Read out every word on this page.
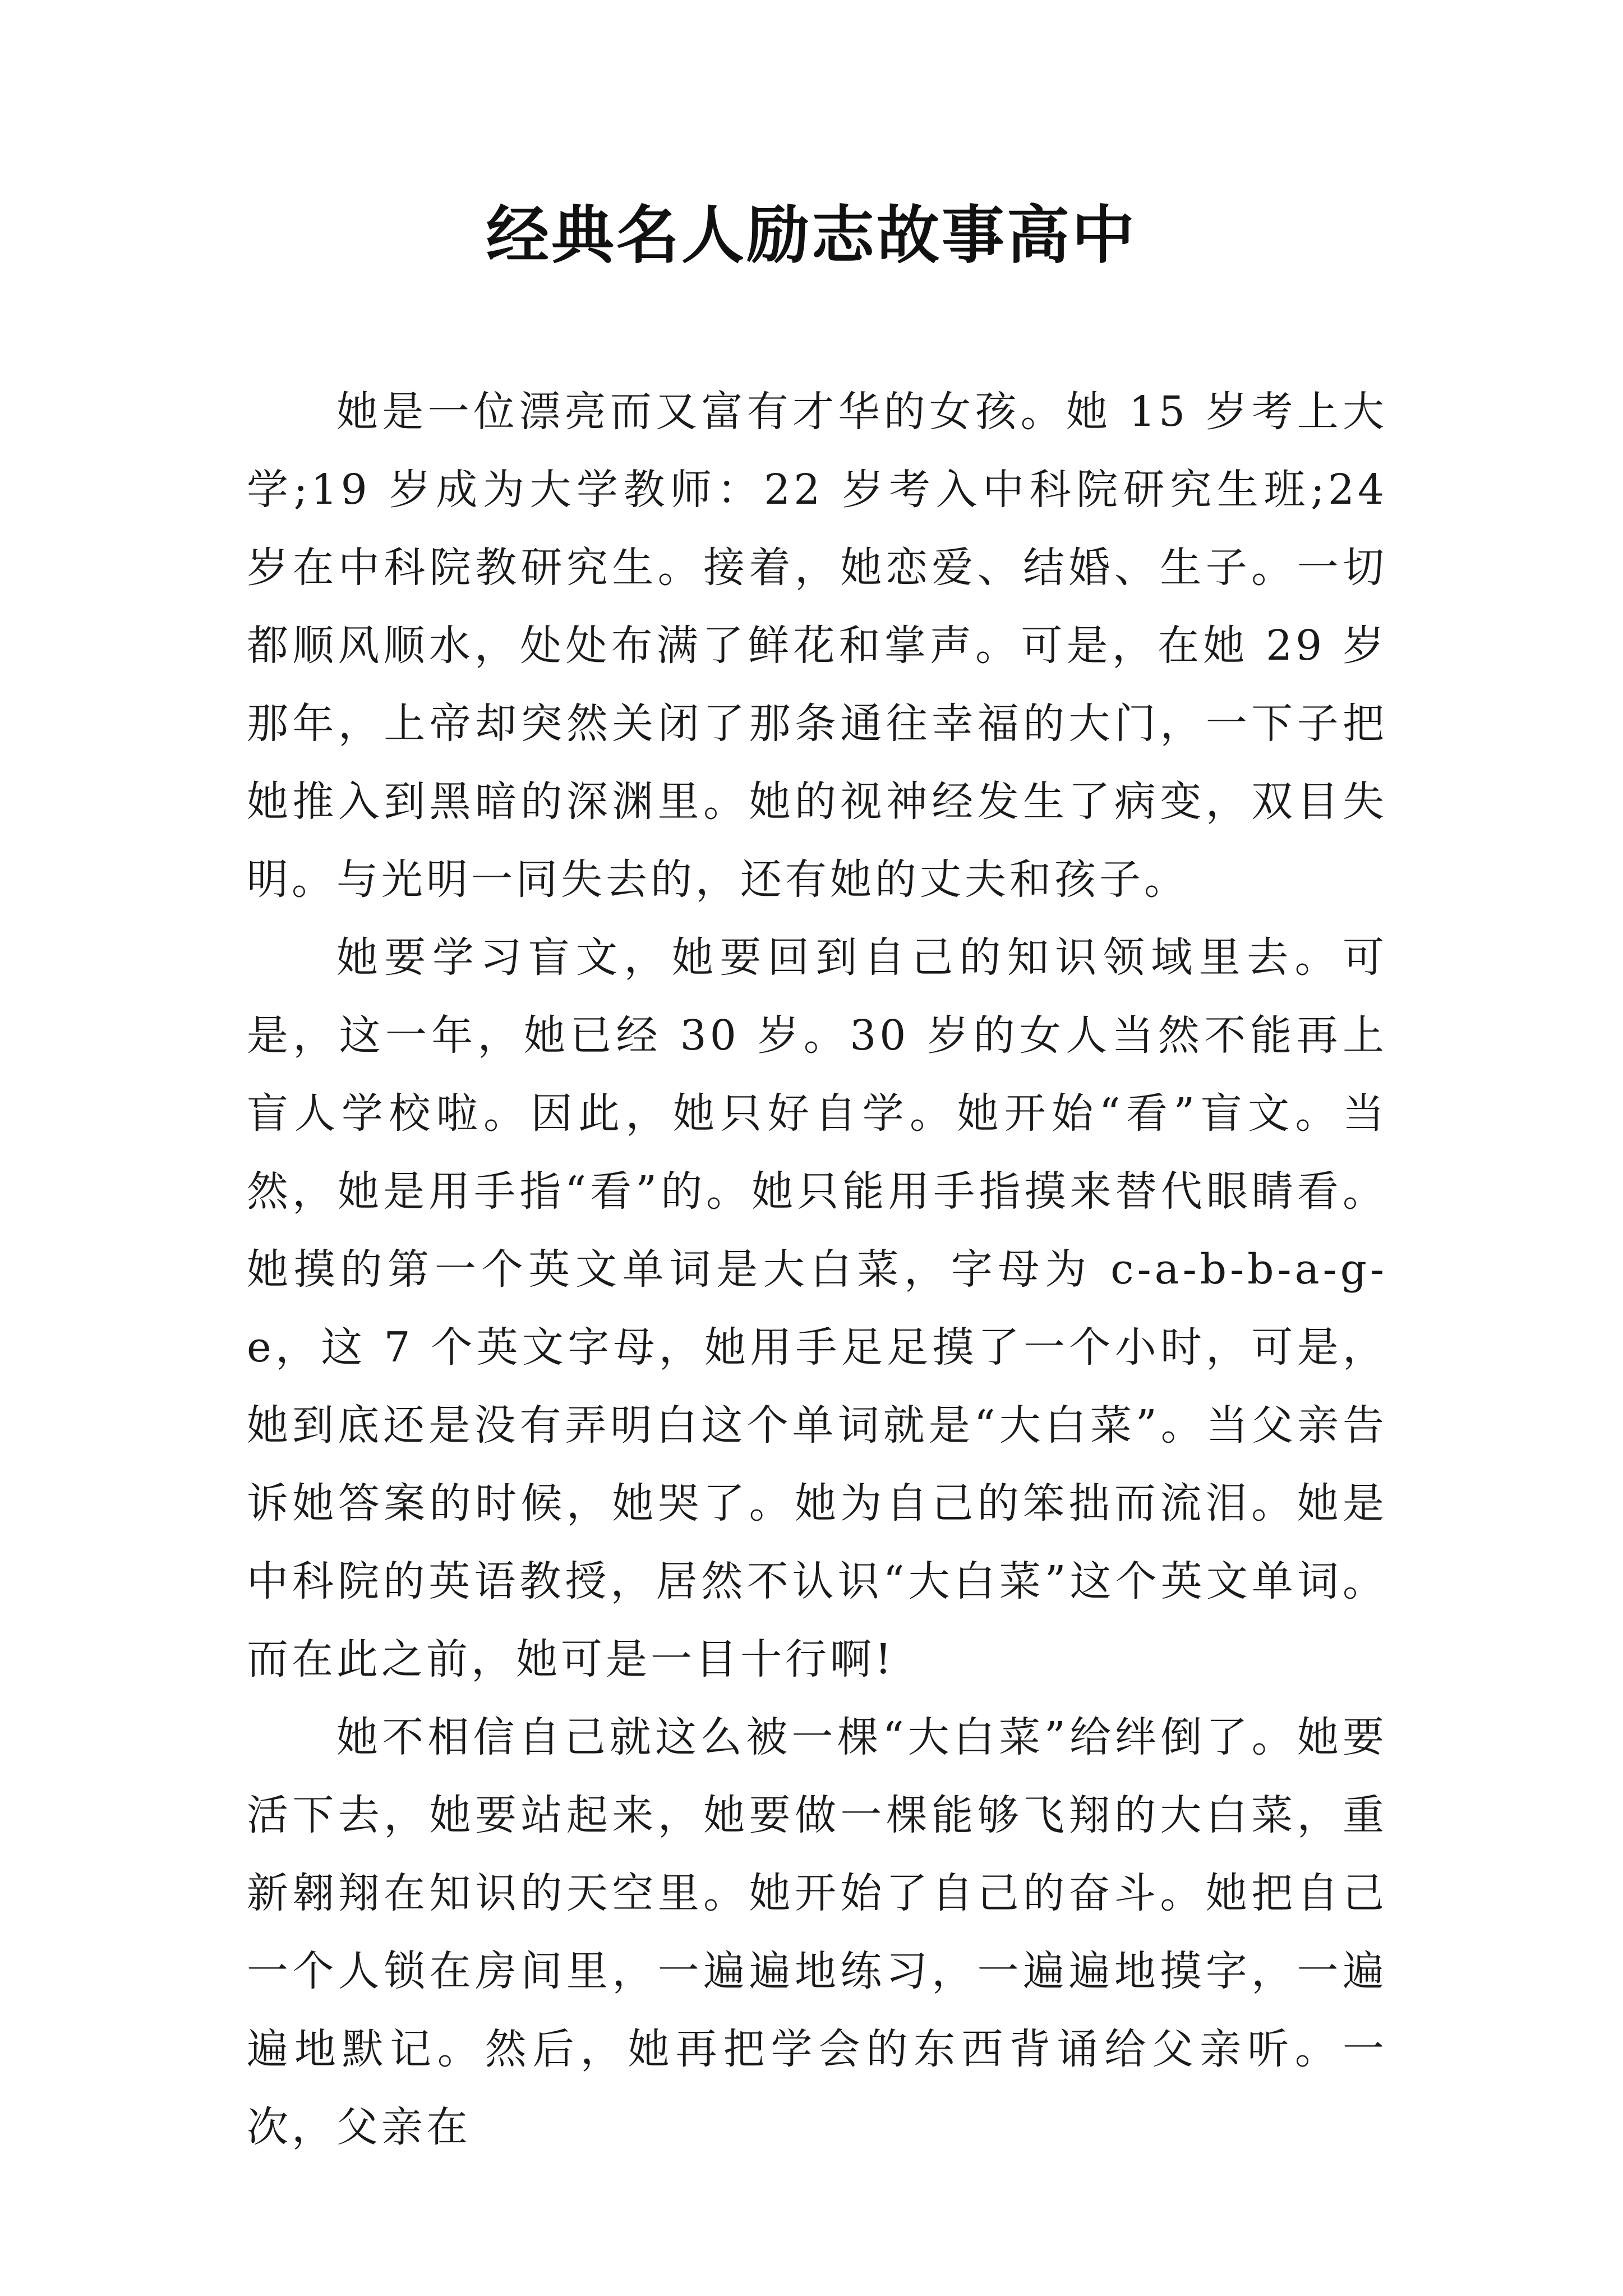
经典名人励志故事高中

她是一位漂亮而又富有才华的女孩。她 15 岁考上大学;19 岁成为大学教师：22 岁考入中科院研究生班;24 岁在中科院教研究生。接着，她恋爱、结婚、生子。一切都顺风顺水，处处布满了鲜花和掌声。可是，在她 29 岁那年，上帝却突然关闭了那条通往幸福的大门，一下子把她推入到黑暗的深渊里。她的视神经发生了病变，双目失明。与光明一同失去的，还有她的丈夫和孩子。

她要学习盲文，她要回到自己的知识领域里去。可是，这一年，她已经 30 岁。30 岁的女人当然不能再上盲人学校啦。因此，她只好自学。她开始“看”盲文。当然，她是用手指“看”的。她只能用手指摸来替代眼睛看。她摸的第一个英文单词是大白菜，字母为 c-a-b-b-a-g-e，这 7 个英文字母，她用手足足摸了一个小时，可是，她到底还是没有弄明白这个单词就是“大白菜”。当父亲告诉她答案的时候，她哭了。她为自己的笨拙而流泪。她是中科院的英语教授，居然不认识“大白菜”这个英文单词。而在此之前，她可是一目十行啊!

她不相信自己就这么被一棵“大白菜”给绊倒了。她要活下去，她要站起来，她要做一棵能够飞翔的大白菜，重新翱翔在知识的天空里。她开始了自己的奋斗。她把自己一个人锁在房间里，一遍遍地练习，一遍遍地摸字，一遍遍地默记。然后，她再把学会的东西背诵给父亲听。一次，父亲在
